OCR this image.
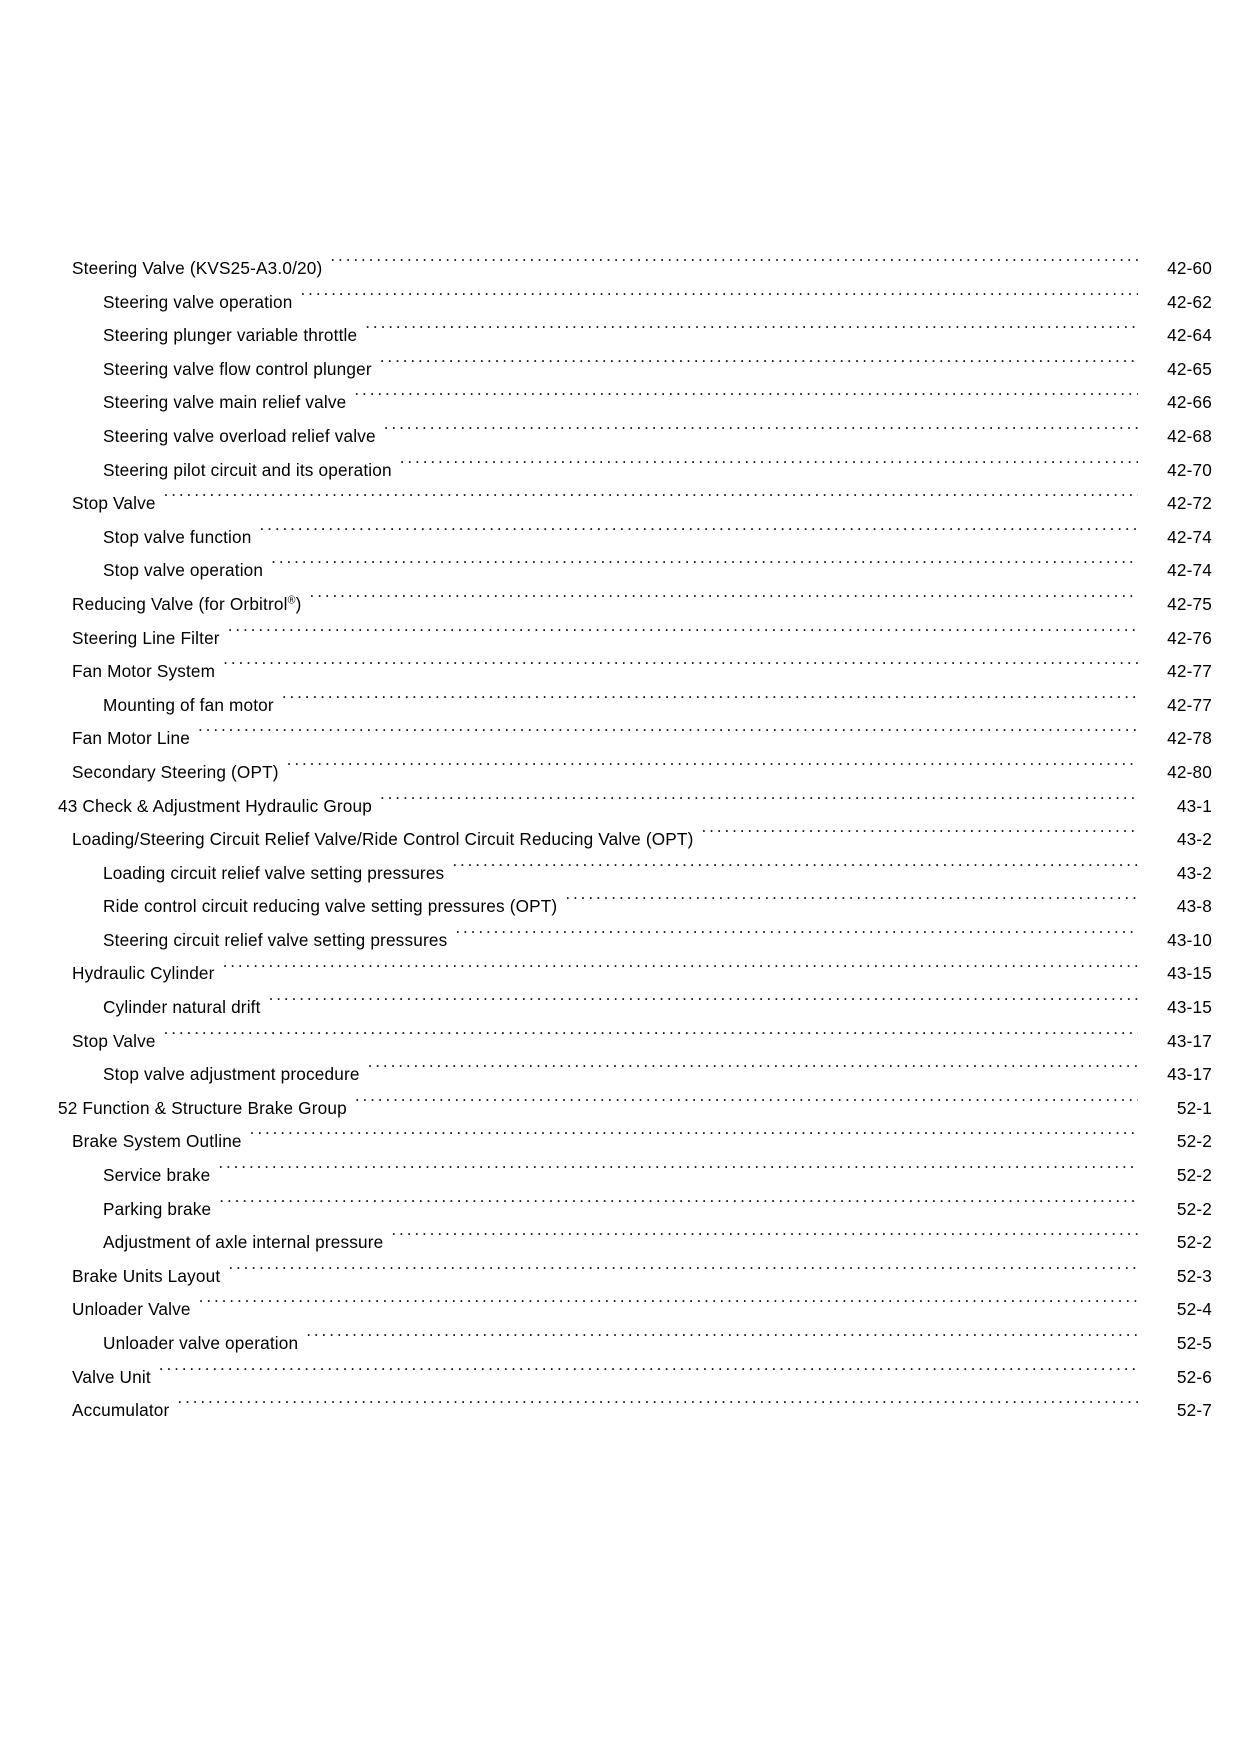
Steering Valve (KVS25-A3.0/20) . . .	42-60
Steering valve operation . . .	42-62
Steering plunger variable throttle . . .	42-64
Steering valve flow control plunger . . .	42-65
Steering valve main relief valve . . .	42-66
Steering valve overload relief valve . . .	42-68
Steering pilot circuit and its operation . . .	42-70
Stop Valve . . .	42-72
Stop valve function . . .	42-74
Stop valve operation . . .	42-74
Reducing Valve (for Orbitrol®) . . .	42-75
Steering Line Filter . . .	42-76
Fan Motor System . . .	42-77
Mounting of fan motor . . .	42-77
Fan Motor Line . . .	42-78
Secondary Steering (OPT) . . .	42-80
43 Check & Adjustment Hydraulic Group . . .	43-1
Loading/Steering Circuit Relief Valve/Ride Control Circuit Reducing Valve (OPT) . . .	43-2
Loading circuit relief valve setting pressures . . .	43-2
Ride control circuit reducing valve setting pressures (OPT) . . .	43-8
Steering circuit relief valve setting pressures . . .	43-10
Hydraulic Cylinder . . .	43-15
Cylinder natural drift . . .	43-15
Stop Valve . . .	43-17
Stop valve adjustment procedure . . .	43-17
52 Function & Structure Brake Group . . .	52-1
Brake System Outline . . .	52-2
Service brake . . .	52-2
Parking brake . . .	52-2
Adjustment of axle internal pressure . . .	52-2
Brake Units Layout . . .	52-3
Unloader Valve . . .	52-4
Unloader valve operation . . .	52-5
Valve Unit . . .	52-6
Accumulator . . .	52-7
